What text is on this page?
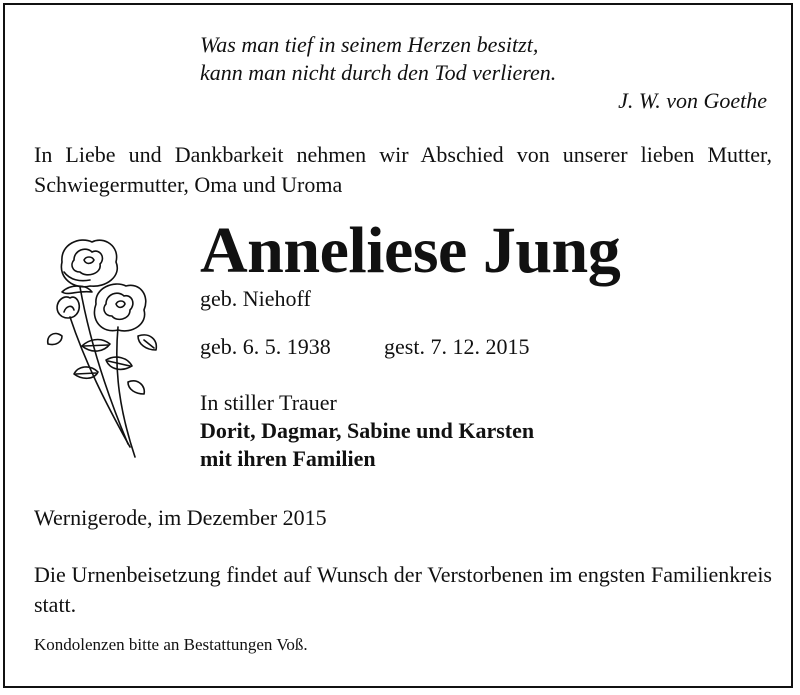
Was man tief in seinem Herzen besitzt,
kann man nicht durch den Tod verlieren.
J. W. von Goethe
In Liebe und Dankbarkeit nehmen wir Abschied von unserer lieben Mutter, Schwiegermutter, Oma und Uroma
Anneliese Jung
geb. Niehoff
geb. 6. 5. 1938 gest. 7. 12. 2015
In stiller Trauer
Dorit, Dagmar, Sabine und Karsten
mit ihren Familien
Wernigerode, im Dezember 2015
Die Urnenbeisetzung findet auf Wunsch der Verstorbenen im engsten Familienkreis statt.
Kondolenzen bitte an Bestattungen Voß.
